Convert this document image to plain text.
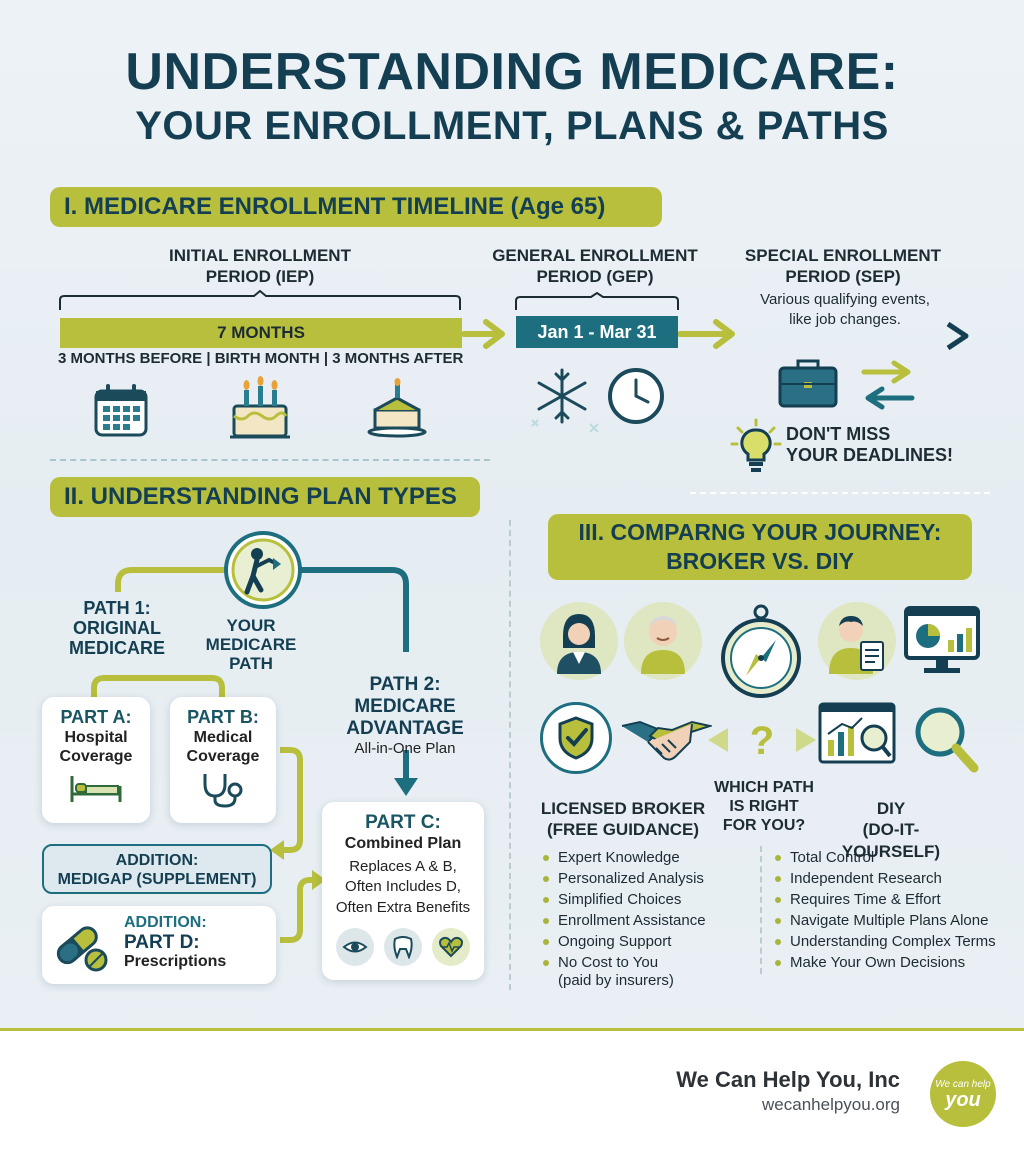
UNDERSTANDING MEDICARE:
YOUR ENROLLMENT, PLANS & PATHS
I. MEDICARE ENROLLMENT TIMELINE (Age 65)
INITIAL ENROLLMENT
PERIOD (IEP)
7 MONTHS
3 MONTHS BEFORE | BIRTH MONTH | 3 MONTHS AFTER
GENERAL ENROLLMENT
PERIOD (GEP)
Jan 1 - Mar 31
SPECIAL ENROLLMENT
PERIOD (SEP)
Various qualifying events,
like job changes.
DON'T MISS
YOUR DEADLINES!
II. UNDERSTANDING PLAN TYPES
YOUR
MEDICARE
PATH
PATH 1:
ORIGINAL
MEDICARE
PATH 2:
MEDICARE
ADVANTAGE
All-in-One Plan
PART A:
Hospital
Coverage
PART B:
Medical
Coverage
ADDITION:
MEDIGAP (SUPPLEMENT)
ADDITION:
PART D:
Prescriptions
PART C:
Combined Plan
Replaces A & B,
Often Includes D,
Often Extra Benefits
III. COMPARNG YOUR JOURNEY:
BROKER VS. DIY
?
LICENSED BROKER
(FREE GUIDANCE)
WHICH PATH
IS RIGHT
FOR YOU?
DIY
(DO-IT-YOURSELF)
Expert Knowledge
Personalized Analysis
Simplified Choices
Enrollment Assistance
Ongoing Support
No Cost to You
(paid by insurers)
Total Control
Independent Research
Requires Time & Effort
Navigate Multiple Plans Alone
Understanding Complex Terms
Make Your Own Decisions
We Can Help You, Inc
wecanhelpyou.org
We can help
you
